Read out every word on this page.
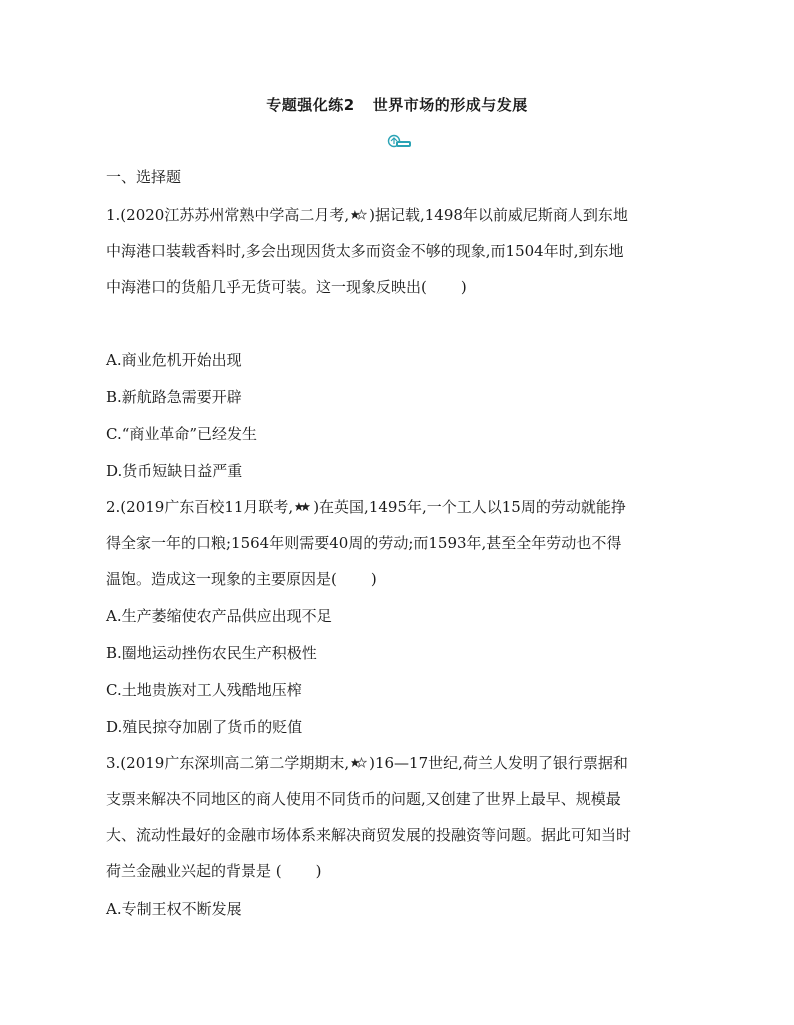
专题强化练2 世界市场的形成与发展
一、选择题
1.(2020江苏苏州常熟中学高二月考, )据记载,1498年以前威尼斯商人到东地
中海港口装载香料时,多会出现因货太多而资金不够的现象,而1504年时,到东地
中海港口的货船几乎无货可装。这一现象反映出( )
A.商业危机开始出现
B.新航路急需要开辟
C.“商业革命”已经发生
D.货币短缺日益严重
2.(2019广东百校11月联考, )在英国,1495年,一个工人以15周的劳动就能挣
得全家一年的口粮;1564年则需要40周的劳动;而1593年,甚至全年劳动也不得
温饱。造成这一现象的主要原因是( )
A.生产萎缩使农产品供应出现不足
B.圈地运动挫伤农民生产积极性
C.土地贵族对工人残酷地压榨
D.殖民掠夺加剧了货币的贬值
3.(2019广东深圳高二第二学期期末, )16—17世纪,荷兰人发明了银行票据和
支票来解决不同地区的商人使用不同货币的问题,又创建了世界上最早、规模最
大、流动性最好的金融市场体系来解决商贸发展的投融资等问题。据此可知当时
荷兰金融业兴起的背景是 ( )
A.专制王权不断发展
